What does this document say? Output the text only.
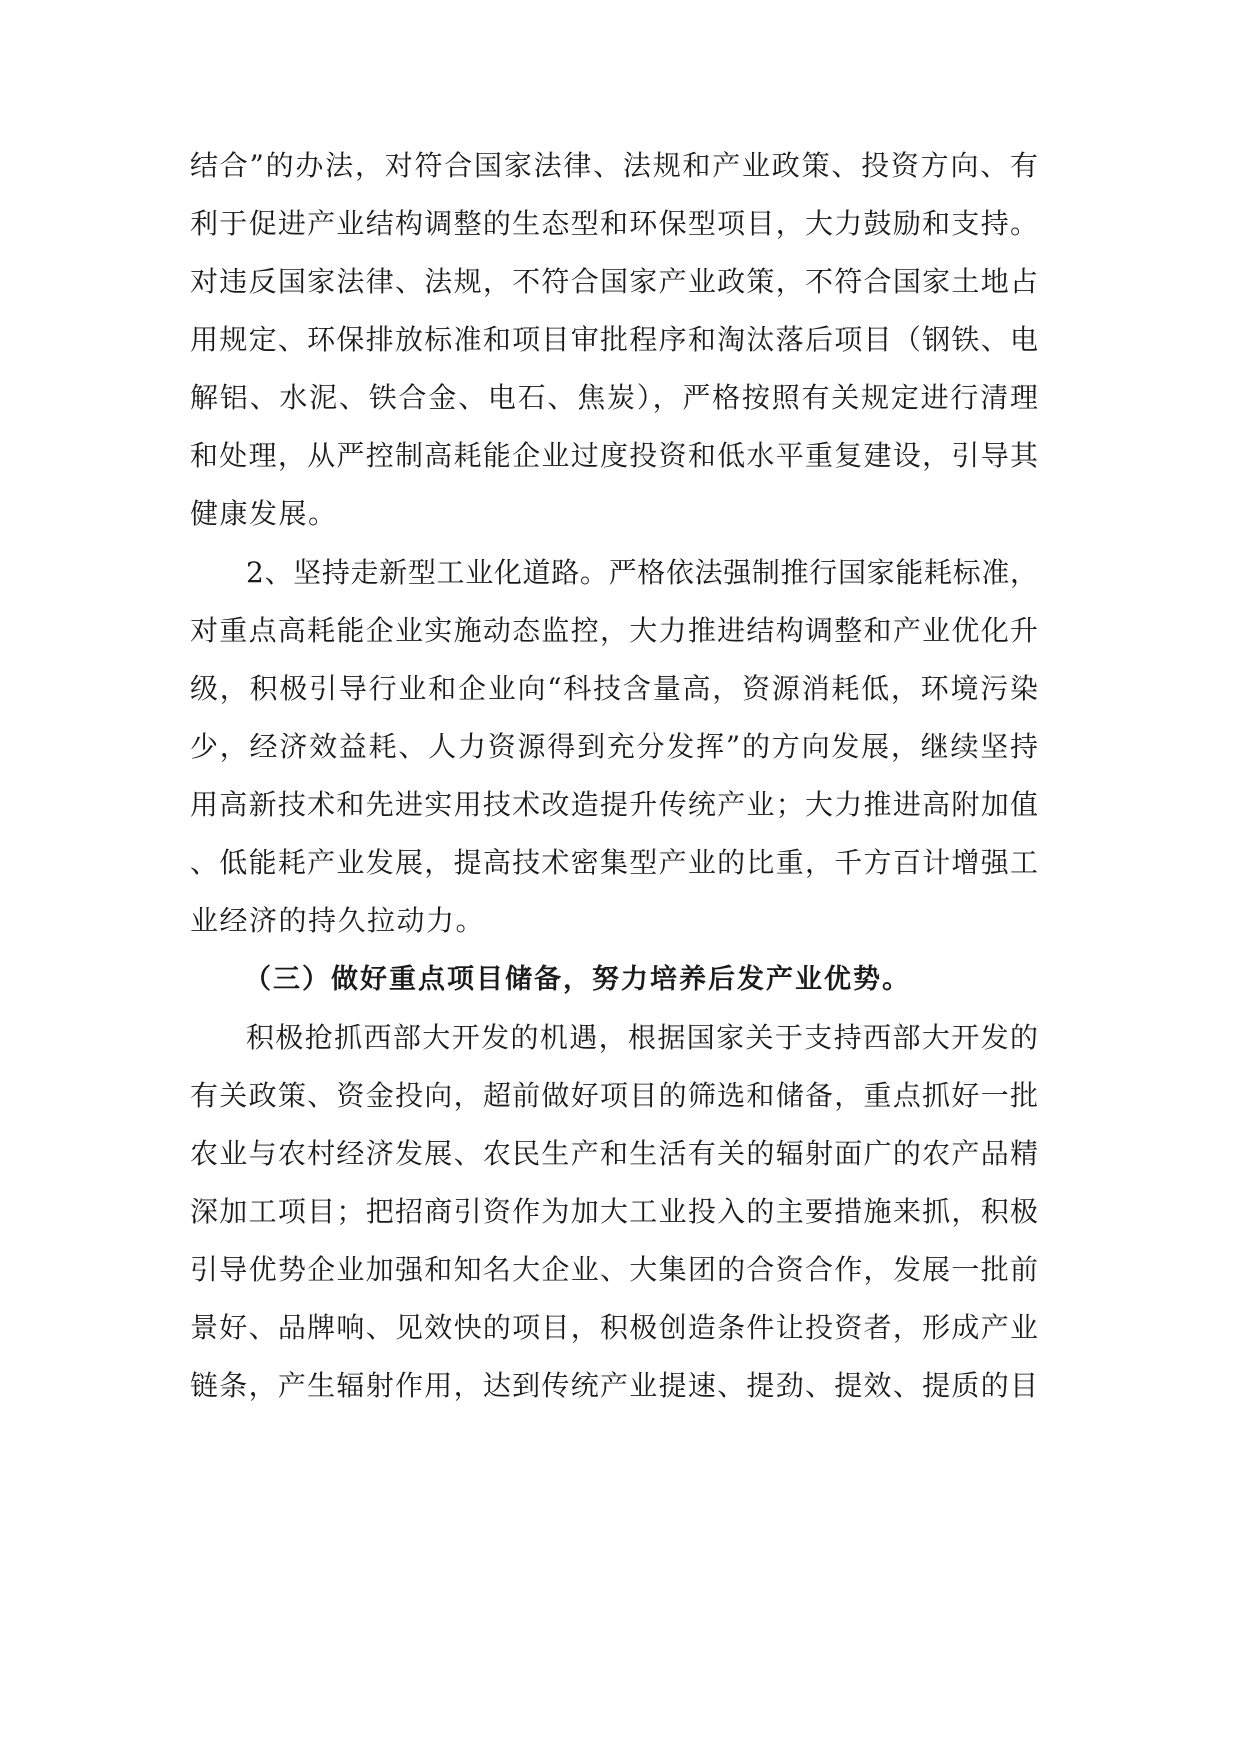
结合”的办法，对符合国家法律、法规和产业政策、投资方向、有
利于促进产业结构调整的生态型和环保型项目，大力鼓励和支持。
对违反国家法律、法规，不符合国家产业政策，不符合国家土地占
用规定、环保排放标准和项目审批程序和淘汰落后项目（钢铁、电
解铝、水泥、铁合金、电石、焦炭），严格按照有关规定进行清理
和处理，从严控制高耗能企业过度投资和低水平重复建设，引导其
健康发展。
2、坚持走新型工业化道路。严格依法强制推行国家能耗标准，
对重点高耗能企业实施动态监控，大力推进结构调整和产业优化升
级，积极引导行业和企业向“科技含量高，资源消耗低，环境污染
少，经济效益耗、人力资源得到充分发挥”的方向发展，继续坚持
用高新技术和先进实用技术改造提升传统产业；大力推进高附加值
、低能耗产业发展，提高技术密集型产业的比重，千方百计增强工
业经济的持久拉动力。
（三）做好重点项目储备，努力培养后发产业优势。
积极抢抓西部大开发的机遇，根据国家关于支持西部大开发的
有关政策、资金投向，超前做好项目的筛选和储备，重点抓好一批
农业与农村经济发展、农民生产和生活有关的辐射面广的农产品精
深加工项目；把招商引资作为加大工业投入的主要措施来抓，积极
引导优势企业加强和知名大企业、大集团的合资合作，发展一批前
景好、品牌响、见效快的项目，积极创造条件让投资者，形成产业
链条，产生辐射作用，达到传统产业提速、提劲、提效、提质的目
